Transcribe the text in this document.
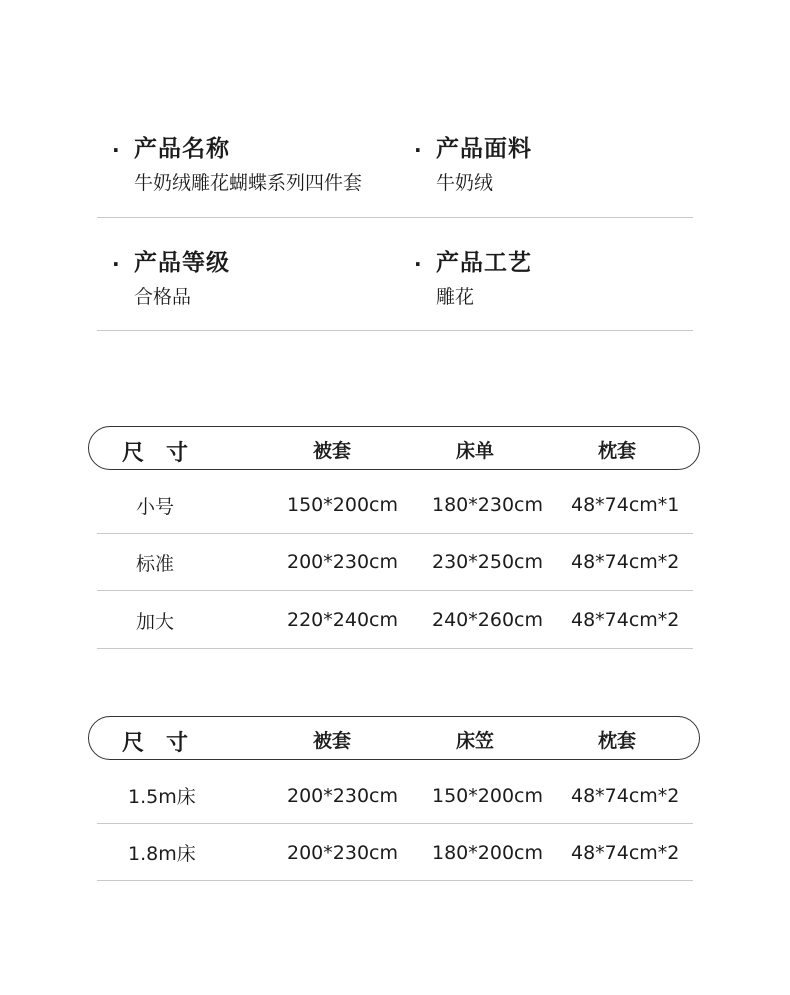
· 产品名称
牛奶绒雕花蝴蝶系列四件套
· 产品面料
牛奶绒
· 产品等级
合格品
· 产品工艺
雕花
尺寸	被套	床单	枕套
小号	150*200cm 180*230cm 48*74cm*1
标准	200*230cm 230*250cm 48*74cm*2
加大	220*240cm 240*260cm 48*74cm*2
尺寸	被套	床笠	枕套
1.5m床	200*230cm 150*200cm 48*74cm*2
1.8m床	200*230cm 180*200cm 48*74cm*2
